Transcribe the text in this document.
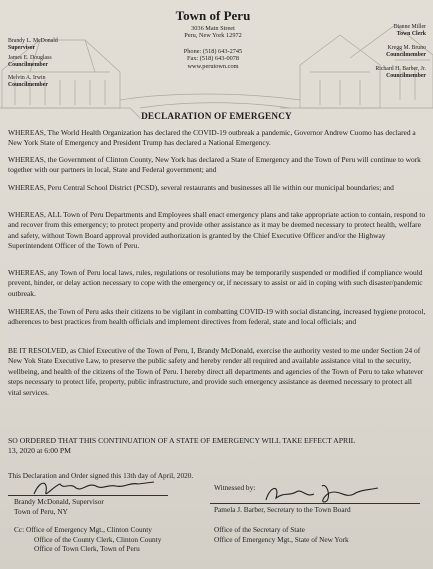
Town of Peru
3036 Main Street
Peru, New York 12972
Phone: (518) 643-2745
Fax: (518) 643-0078
www.perutown.com
Brandy L. McDonald
Supervisor
James E. Douglass
Councilmember
Melvin A. Irwin
Councilmember
Dianne Miller
Town Clerk
Kregg M. Bruno
Councilmember
Richard H. Barber, Jr.
Councilmember
DECLARATION OF EMERGENCY

WHEREAS, The World Health Organization has declared the COVID-19 outbreak a pandemic, Governor Andrew Cuomo has declared a New York State of Emergency and President Trump has declared a National Emergency.

WHEREAS, the Government of Clinton County, New York has declared a State of Emergency and the Town of Peru will continue to work together with our partners in local, State and Federal government; and

WHEREAS, Peru Central School District (PCSD), several restaurants and businesses all lie within our municipal boundaries; and

WHEREAS, ALL Town of Peru Departments and Employees shall enact emergency plans and take appropriate action to contain, respond to and recover from this emergency; to protect property and provide other assistance as it may be deemed necessary to protect health, welfare and safety, without Town Board approval provided authorization is granted by the Chief Executive Officer and/or the Highway Superintendent Officer of the Town of Peru.

WHEREAS, any Town of Peru local laws, rules, regulations or resolutions may be temporarily suspended or modified if compliance would prevent, hinder, or delay action necessary to cope with the emergency or, if necessary to assist or aid in coping with such disaster/pandemic outbreak.

WHEREAS, the Town of Peru asks their citizens to be vigilant in combatting COVID-19 with social distancing, increased hygiene protocol, adherences to best practices from health officials and implement directives from federal, state and local officials; and

BE IT RESOLVED, as Chief Executive of the Town of Peru, I, Brandy McDonald, exercise the authority vested to me under Section 24 of New Yok State Executive Law, to preserve the public safety and hereby render all required and available assistance vital to the security, wellbeing, and health of the citizens of the Town of Peru. I hereby direct all departments and agencies of the Town of Peru to take whatever steps necessary to protect life, property, public infrastructure, and provide such emergency assistance as deemed necessary to protect all vital services.

SO ORDERED THAT THIS CONTINUATION OF A STATE OF EMERGENCY WILL TAKE EFFECT APRIL
13, 2020 at 6:00 PM
This Declaration and Order signed this 13th day of April, 2020.
Witnessed by:
Brandy McDonald, Supervisor
Town of Peru, NY	Pamela J. Barber, Secretary to the Town Board
Cc: Office of Emergency Mgt., Clinton County
Office of the County Clerk, Clinton County
Office of Town Clerk, Town of Peru
Office of the Secretary of State
Office of Emergency Mgt., State of New York
